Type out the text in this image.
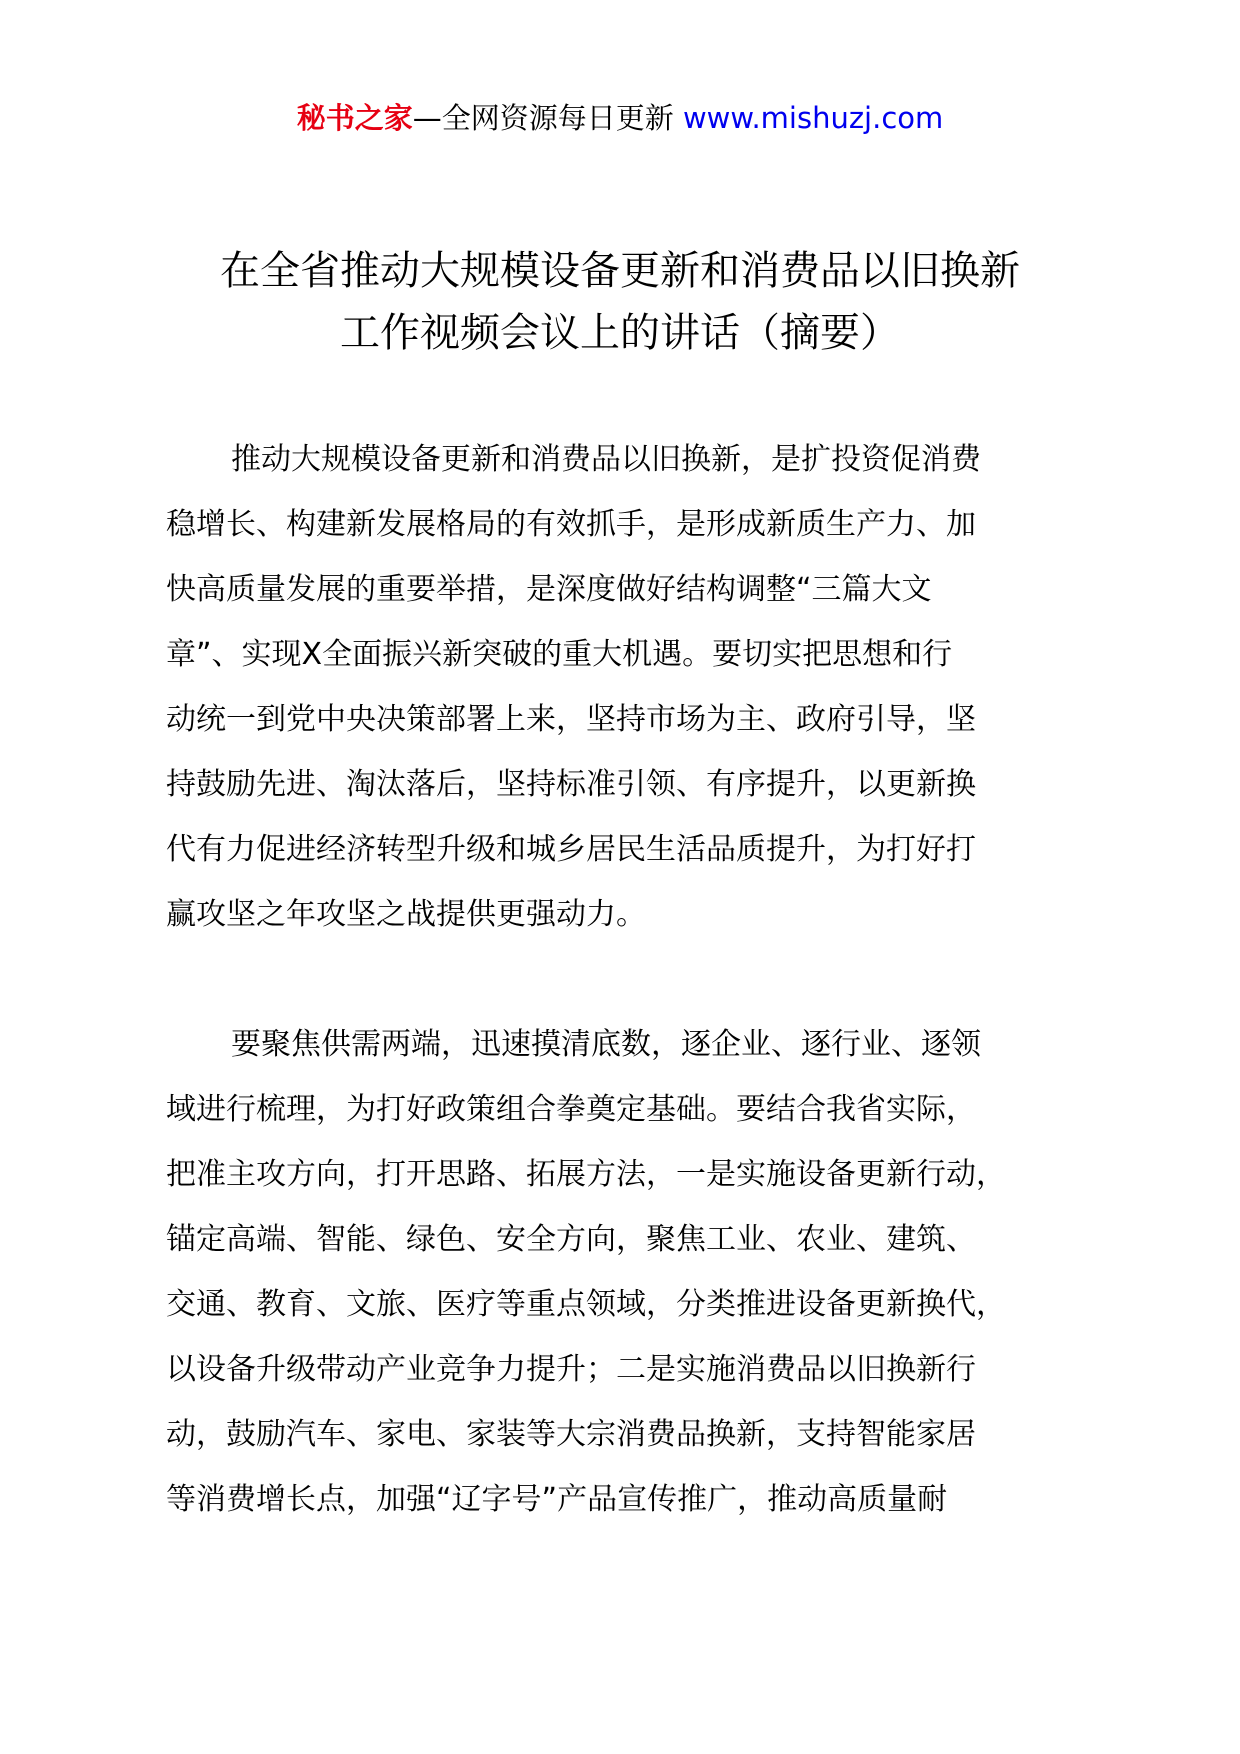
秘书之家—全网资源每日更新 www.mishuzj.com
在全省推动大规模设备更新和消费品以旧换新
工作视频会议上的讲话（摘要）
推动大规模设备更新和消费品以旧换新，是扩投资促消费
稳增长、构建新发展格局的有效抓手，是形成新质生产力、加
快高质量发展的重要举措，是深度做好结构调整“三篇大文
章”、实现X全面振兴新突破的重大机遇。要切实把思想和行
动统一到党中央决策部署上来，坚持市场为主、政府引导，坚
持鼓励先进、淘汰落后，坚持标准引领、有序提升，以更新换
代有力促进经济转型升级和城乡居民生活品质提升，为打好打
赢攻坚之年攻坚之战提供更强动力。
要聚焦供需两端，迅速摸清底数，逐企业、逐行业、逐领
域进行梳理，为打好政策组合拳奠定基础。要结合我省实际，
把准主攻方向，打开思路、拓展方法，一是实施设备更新行动，
锚定高端、智能、绿色、安全方向，聚焦工业、农业、建筑、
交通、教育、文旅、医疗等重点领域，分类推进设备更新换代，
以设备升级带动产业竞争力提升；二是实施消费品以旧换新行
动，鼓励汽车、家电、家装等大宗消费品换新，支持智能家居
等消费增长点，加强“辽字号”产品宣传推广，推动高质量耐
